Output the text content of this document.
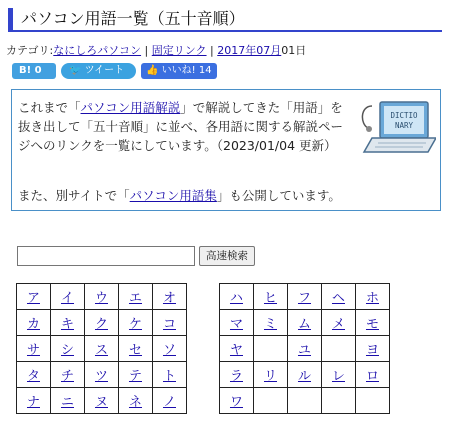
パソコン用語一覧（五十音順）
カテゴリ:なにしろパソコン | 固定リンク | 2017年07月01日
B! 0	🐦 ツイート	👍 いいね! 14
これまで「パソコン用語解説」で解説してきた「用語」を抜き出して「五十音順」に並べ、各用語に関する解説ページへのリンクを一覧にしています。（2023/01/04 更新）
DICTIO
NARY
また、別サイトで「パソコン用語集」も公開しています。
高速検索
ア	イ	ウ	エ	オ
カ	キ	ク	ケ	コ
サ	シ	ス	セ	ソ
タ	チ	ツ	テ	ト
ナ	ニ	ヌ	ネ	ノ
ハ	ヒ	フ	ヘ	ホ
マ	ミ	ム	メ	モ
ヤ		ユ		ヨ
ラ	リ	ル	レ	ロ
ワ				
